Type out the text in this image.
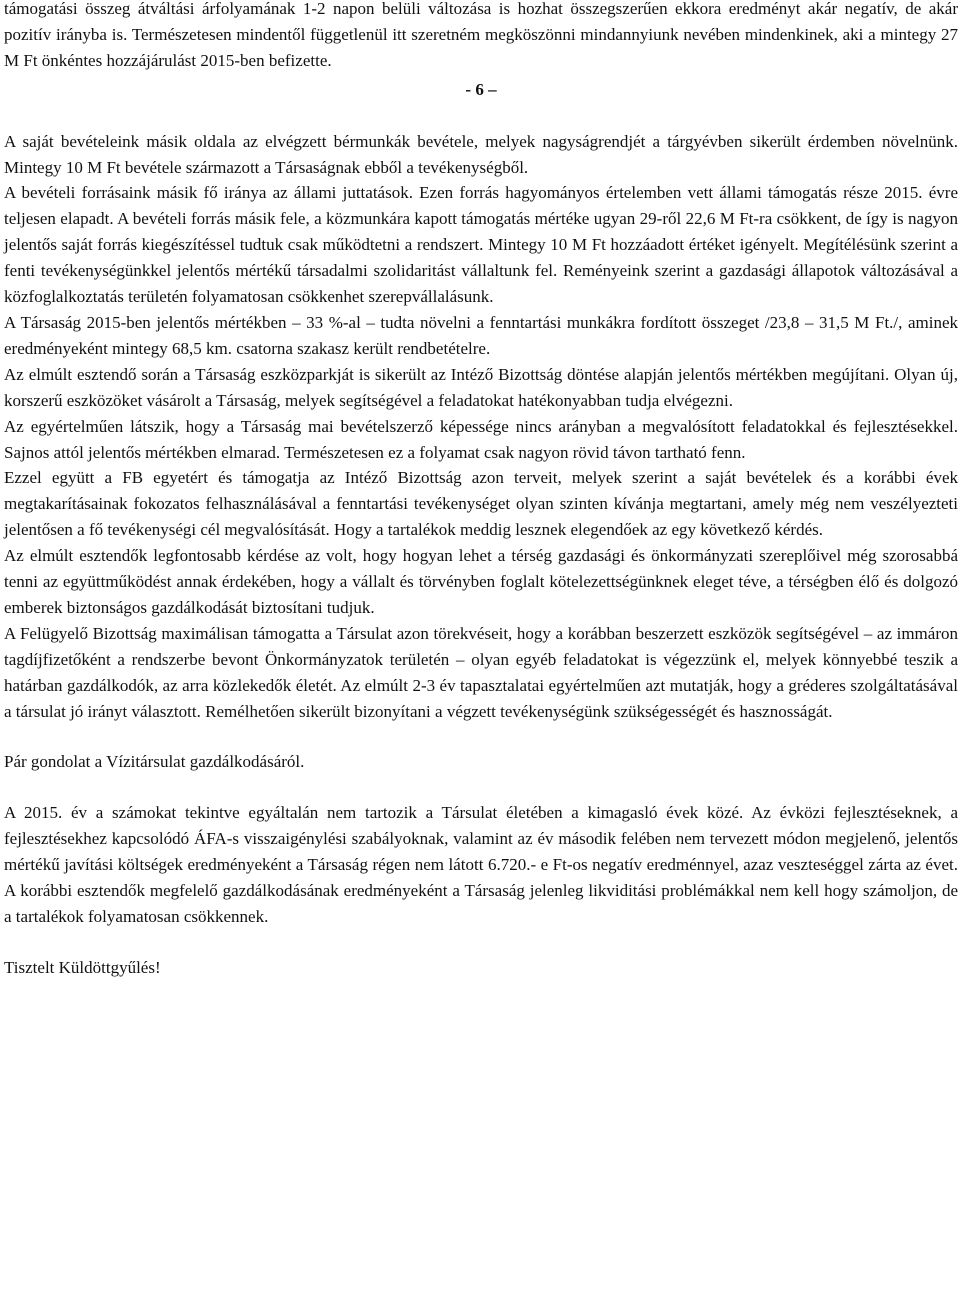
támogatási összeg átváltási árfolyamának 1-2 napon belüli változása is hozhat összegszerűen ekkora eredményt akár negatív, de akár pozitív irányba is. Természetesen mindentől függetlenül itt szeretném megköszönni mindannyiunk nevében mindenkinek, aki a mintegy 27 M Ft önkéntes hozzájárulást 2015-ben befizette.

- 6 –

A saját bevételeink másik oldala az elvégzett bérmunkák bevétele, melyek nagyságrendjét a tárgyévben sikerült érdemben növelnünk. Mintegy 10 M Ft bevétele származott a Társaságnak ebből a tevékenységből.

A bevételi forrásaink másik fő iránya az állami juttatások. Ezen forrás hagyományos értelemben vett állami támogatás része 2015. évre teljesen elapadt. A bevételi forrás másik fele, a közmunkára kapott támogatás mértéke ugyan 29-ről 22,6 M Ft-ra csökkent, de így is nagyon jelentős saját forrás kiegészítéssel tudtuk csak működtetni a rendszert. Mintegy 10 M Ft hozzáadott értéket igényelt. Megítélésünk szerint a fenti tevékenységünkkel jelentős mértékű társadalmi szolidaritást vállaltunk fel. Reményeink szerint a gazdasági állapotok változásával a közfoglalkoztatás területén folyamatosan csökkenhet szerepvállalásunk.

A Társaság 2015-ben jelentős mértékben – 33 %-al – tudta növelni a fenntartási munkákra fordított összeget /23,8 – 31,5 M Ft./, aminek eredményeként mintegy 68,5 km. csatorna szakasz került rendbetételre.

Az elmúlt esztendő során a Társaság eszközparkját is sikerült az Intéző Bizottság döntése alapján jelentős mértékben megújítani. Olyan új, korszerű eszközöket vásárolt a Társaság, melyek segítségével a feladatokat hatékonyabban tudja elvégezni.

Az egyértelműen látszik, hogy a Társaság mai bevételszerző képessége nincs arányban a megvalósított feladatokkal és fejlesztésekkel. Sajnos attól jelentős mértékben elmarad. Természetesen ez a folyamat csak nagyon rövid távon tartható fenn.

Ezzel együtt a FB egyetért és támogatja az Intéző Bizottság azon terveit, melyek szerint a saját bevételek és a korábbi évek megtakarításainak fokozatos felhasználásával a fenntartási tevékenységet olyan szinten kívánja megtartani, amely még nem veszélyezteti jelentősen a fő tevékenységi cél megvalósítását. Hogy a tartalékok meddig lesznek elegendőek az egy következő kérdés.

Az elmúlt esztendők legfontosabb kérdése az volt, hogy hogyan lehet a térség gazdasági és önkormányzati szereplőivel még szorosabbá tenni az együttműködést annak érdekében, hogy a vállalt és törvényben foglalt kötelezettségünknek eleget téve, a térségben élő és dolgozó emberek biztonságos gazdálkodását biztosítani tudjuk.

A Felügyelő Bizottság maximálisan támogatta a Társulat azon törekvéseit, hogy a korábban beszerzett eszközök segítségével – az immáron tagdíjfizetőként a rendszerbe bevont Önkormányzatok területén – olyan egyéb feladatokat is végezzünk el, melyek könnyebbé teszik a határban gazdálkodók, az arra közlekedők életét. Az elmúlt 2-3 év tapasztalatai egyértelműen azt mutatják, hogy a gréderes szolgáltatásával a társulat jó irányt választott. Remélhetően sikerült bizonyítani a végzett tevékenységünk szükségességét és hasznosságát.

Pár gondolat a Vízitársulat gazdálkodásáról.

A 2015. év a számokat tekintve egyáltalán nem tartozik a Társulat életében a kimagasló évek közé. Az évközi fejlesztéseknek, a fejlesztésekhez kapcsolódó ÁFA-s visszaigénylési szabályoknak, valamint az év második felében nem tervezett módon megjelenő, jelentős mértékű javítási költségek eredményeként a Társaság régen nem látott 6.720.- e Ft-os negatív eredménnyel, azaz veszteséggel zárta az évet. A korábbi esztendők megfelelő gazdálkodásának eredményeként a Társaság jelenleg likviditási problémákkal nem kell hogy számoljon, de a tartalékok folyamatosan csökkennek.

Tisztelt Küldöttgyűlés!
